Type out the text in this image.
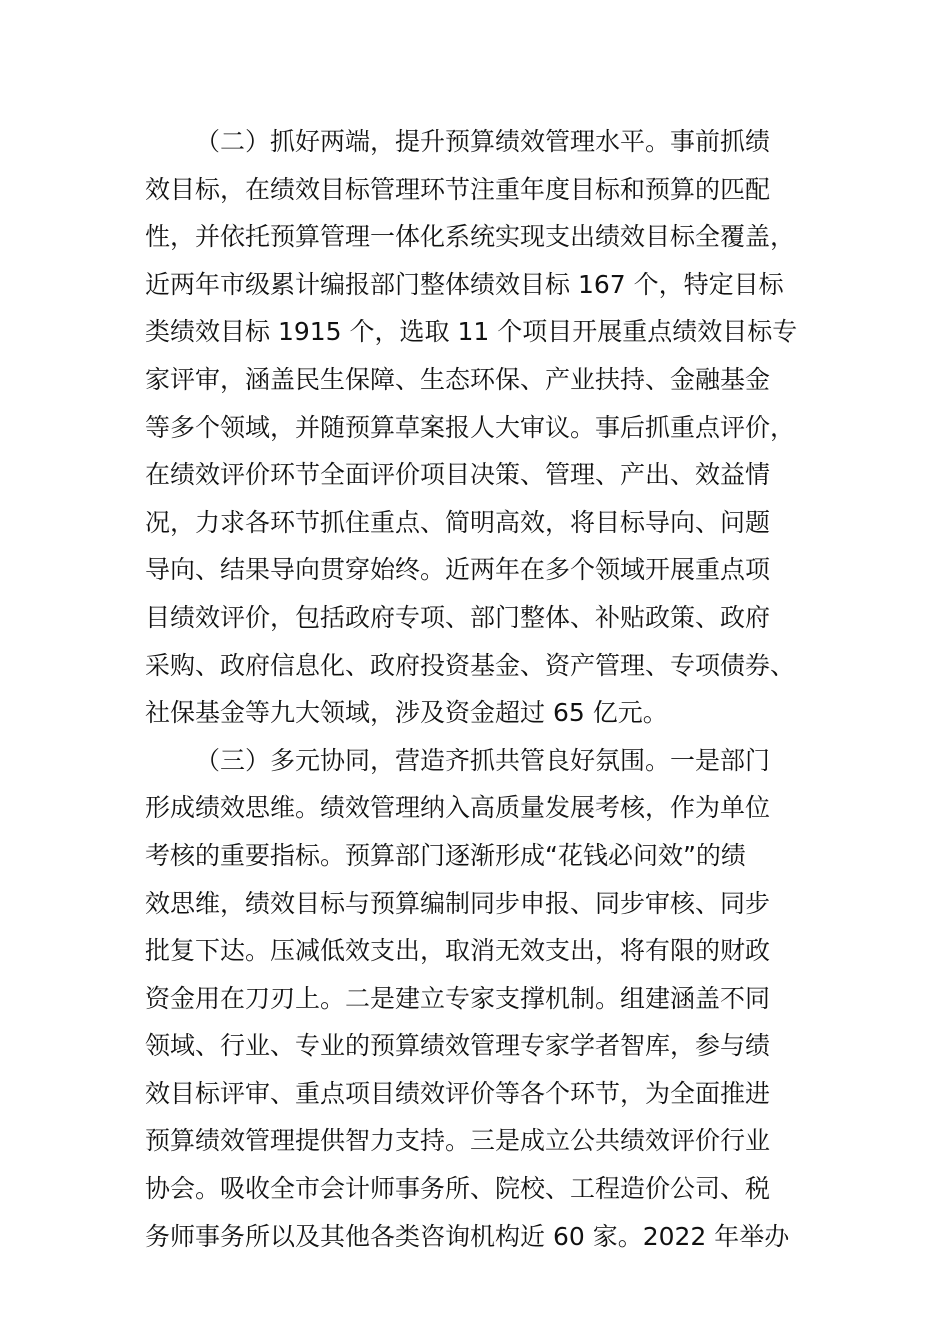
（二）抓好两端，提升预算绩效管理水平。事前抓绩
效目标，在绩效目标管理环节注重年度目标和预算的匹配
性，并依托预算管理一体化系统实现支出绩效目标全覆盖，
近两年市级累计编报部门整体绩效目标 167 个，特定目标
类绩效目标 1915 个，选取 11 个项目开展重点绩效目标专
家评审，涵盖民生保障、生态环保、产业扶持、金融基金
等多个领域，并随预算草案报人大审议。事后抓重点评价，
在绩效评价环节全面评价项目决策、管理、产出、效益情
况，力求各环节抓住重点、简明高效，将目标导向、问题
导向、结果导向贯穿始终。近两年在多个领域开展重点项
目绩效评价，包括政府专项、部门整体、补贴政策、政府
采购、政府信息化、政府投资基金、资产管理、专项债券、
社保基金等九大领域，涉及资金超过 65 亿元。
（三）多元协同，营造齐抓共管良好氛围。一是部门
形成绩效思维。绩效管理纳入高质量发展考核，作为单位
考核的重要指标。预算部门逐渐形成“花钱必问效”的绩
效思维，绩效目标与预算编制同步申报、同步审核、同步
批复下达。压减低效支出，取消无效支出，将有限的财政
资金用在刀刃上。二是建立专家支撑机制。组建涵盖不同
领域、行业、专业的预算绩效管理专家学者智库，参与绩
效目标评审、重点项目绩效评价等各个环节，为全面推进
预算绩效管理提供智力支持。三是成立公共绩效评价行业
协会。吸收全市会计师事务所、院校、工程造价公司、税
务师事务所以及其他各类咨询机构近 60 家。2022 年举办
